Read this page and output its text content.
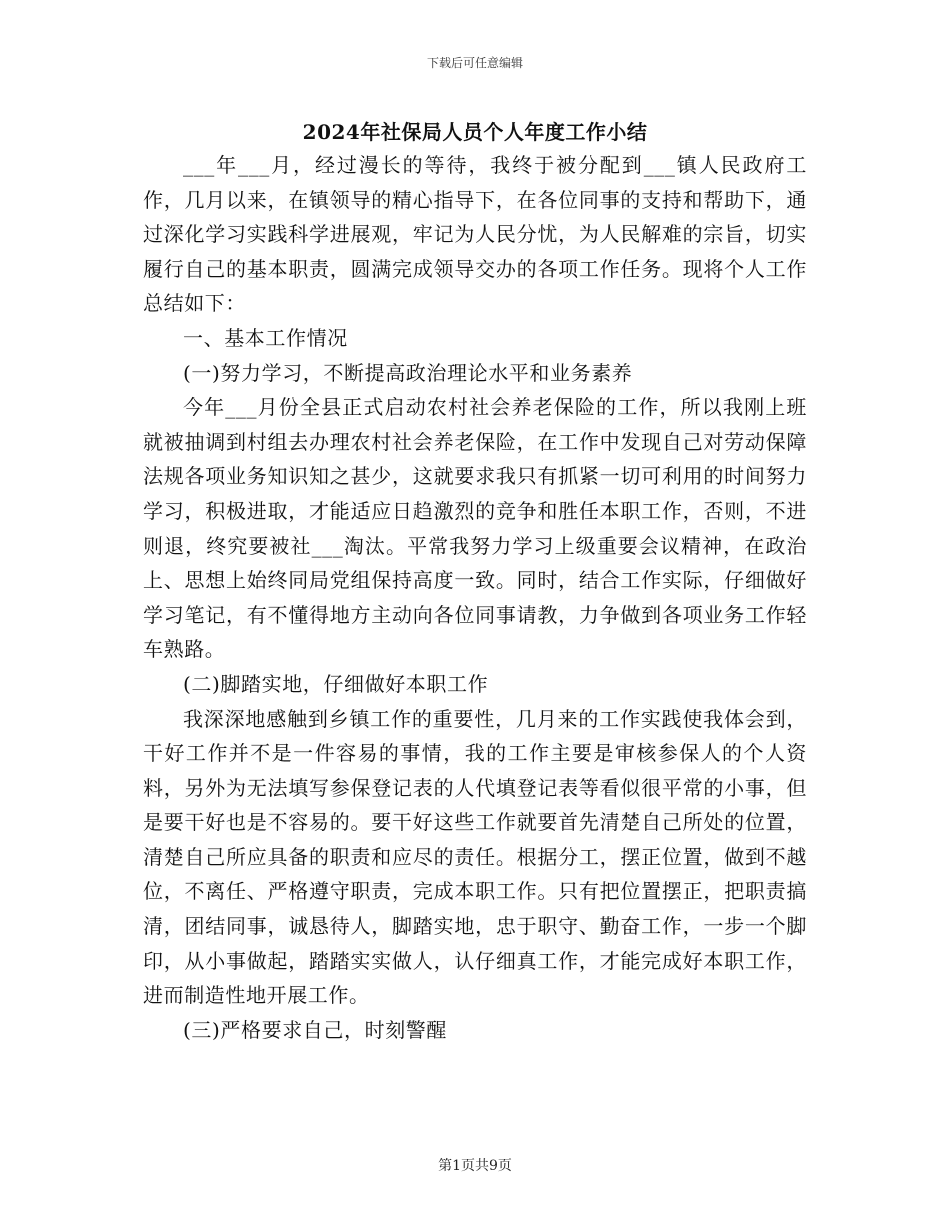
下载后可任意编辑
2024年社保局人员个人年度工作小结

___年___月，经过漫长的等待，我终于被分配到___镇人民政府工作，几月以来，在镇领导的精心指导下，在各位同事的支持和帮助下，通过深化学习实践科学进展观，牢记为人民分忧，为人民解难的宗旨，切实履行自己的基本职责，圆满完成领导交办的各项工作任务。现将个人工作总结如下：

一、基本工作情况

(一)努力学习，不断提高政治理论水平和业务素养

今年___月份全县正式启动农村社会养老保险的工作，所以我刚上班就被抽调到村组去办理农村社会养老保险，在工作中发现自己对劳动保障法规各项业务知识知之甚少，这就要求我只有抓紧一切可利用的时间努力学习，积极进取，才能适应日趋激烈的竞争和胜任本职工作，否则，不进则退，终究要被社___淘汰。平常我努力学习上级重要会议精神，在政治上、思想上始终同局党组保持高度一致。同时，结合工作实际，仔细做好学习笔记，有不懂得地方主动向各位同事请教，力争做到各项业务工作轻车熟路。

(二)脚踏实地，仔细做好本职工作

我深深地感触到乡镇工作的重要性，几月来的工作实践使我体会到，干好工作并不是一件容易的事情，我的工作主要是审核参保人的个人资料，另外为无法填写参保登记表的人代填登记表等看似很平常的小事，但是要干好也是不容易的。要干好这些工作就要首先清楚自己所处的位置，清楚自己所应具备的职责和应尽的责任。根据分工，摆正位置，做到不越位，不离任、严格遵守职责，完成本职工作。只有把位置摆正，把职责搞清，团结同事，诚恳待人，脚踏实地，忠于职守、勤奋工作，一步一个脚印，从小事做起，踏踏实实做人，认仔细真工作，才能完成好本职工作，进而制造性地开展工作。

(三)严格要求自己，时刻警醒

第1页共9页
